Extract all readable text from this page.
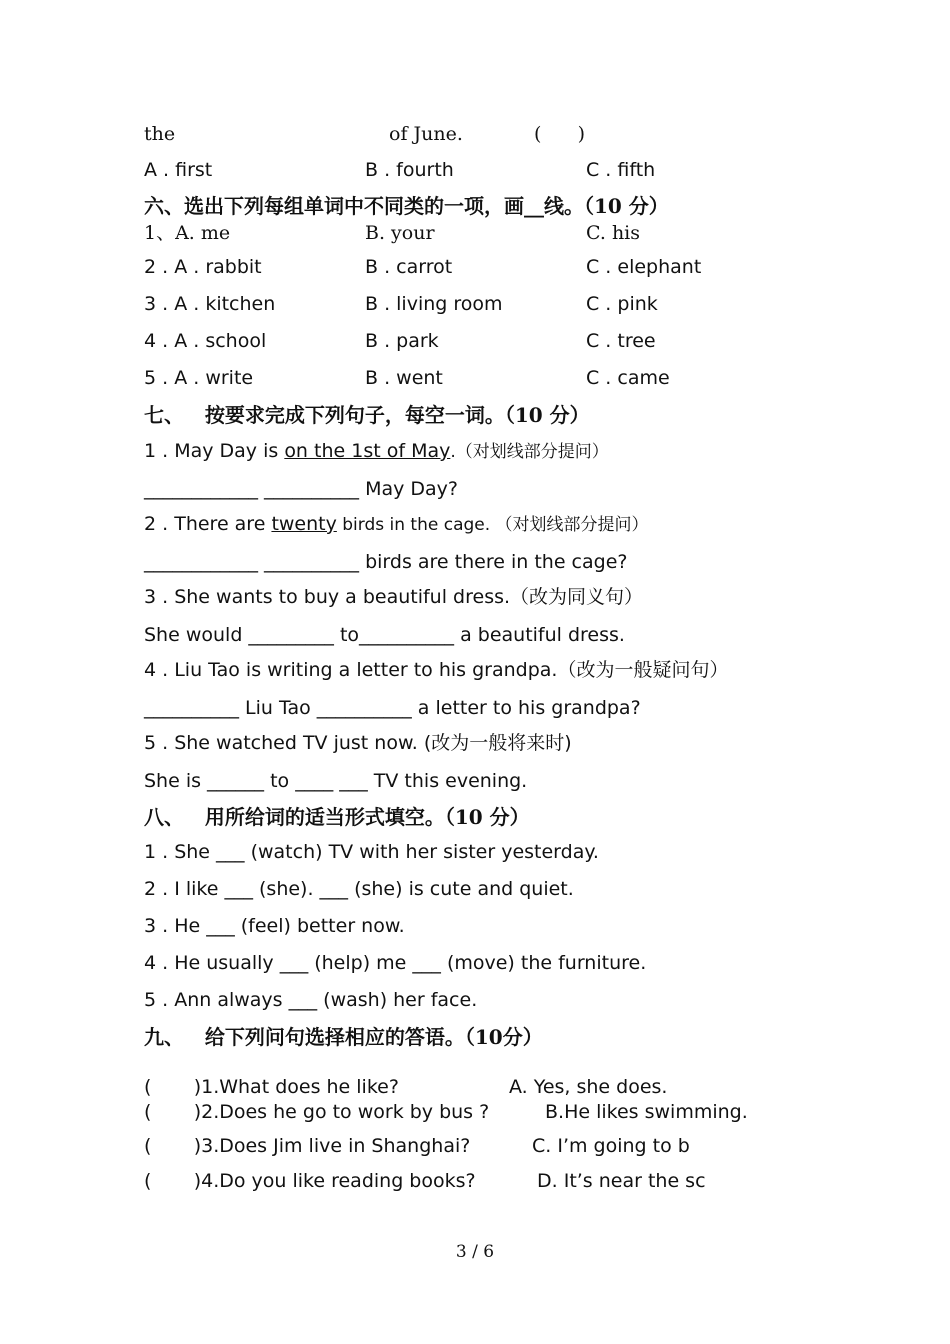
the	of June.	(      )
A . first	B . fourth	C . fifth
六、选出下列每组单词中不同类的一项，画__线。（10 分）
1、A. me	B. your	C. his
2 . A . rabbit	B . carrot	C . elephant
3 . A . kitchen	B . living room	C . pink
4 . A . school	B . park	C . tree
5 . A . write	B . went	C . came
七、   按要求完成下列句子，每空一词。（10 分）
1 . May Day is on the 1st of May.（对划线部分提问）
____________ __________ May Day?
2 . There are twenty birds in the cage. （对划线部分提问）
____________ __________ birds are there in the cage?
3 . She wants to buy a beautiful dress.（改为同义句）
She would _________ to__________ a beautiful dress.
4 . Liu Tao is writing a letter to his grandpa.（改为一般疑问句）
__________ Liu Tao __________ a letter to his grandpa?
5 . She watched TV just now. (改为一般将来时)
She is ______ to ____ ___ TV this evening.
八、   用所给词的适当形式填空。（10 分）
1 . She ___ (watch) TV with her sister yesterday.
2 . I like ___ (she). ___ (she) is cute and quiet.
3 . He ___ (feel) better now.
4 . He usually ___ (help) me ___ (move) the furniture.
5 . Ann always ___ (wash) her face.
九、   给下列问句选择相应的答语。（10分）
(       )1.What does he like?	A. Yes, she does.
(       )2.Does he go to work by bus ?	B.He likes swimming.
(       )3.Does Jim live in Shanghai?	C. I’m going to b
(       )4.Do you like reading books?	D. It’s near the sc
3 / 6
